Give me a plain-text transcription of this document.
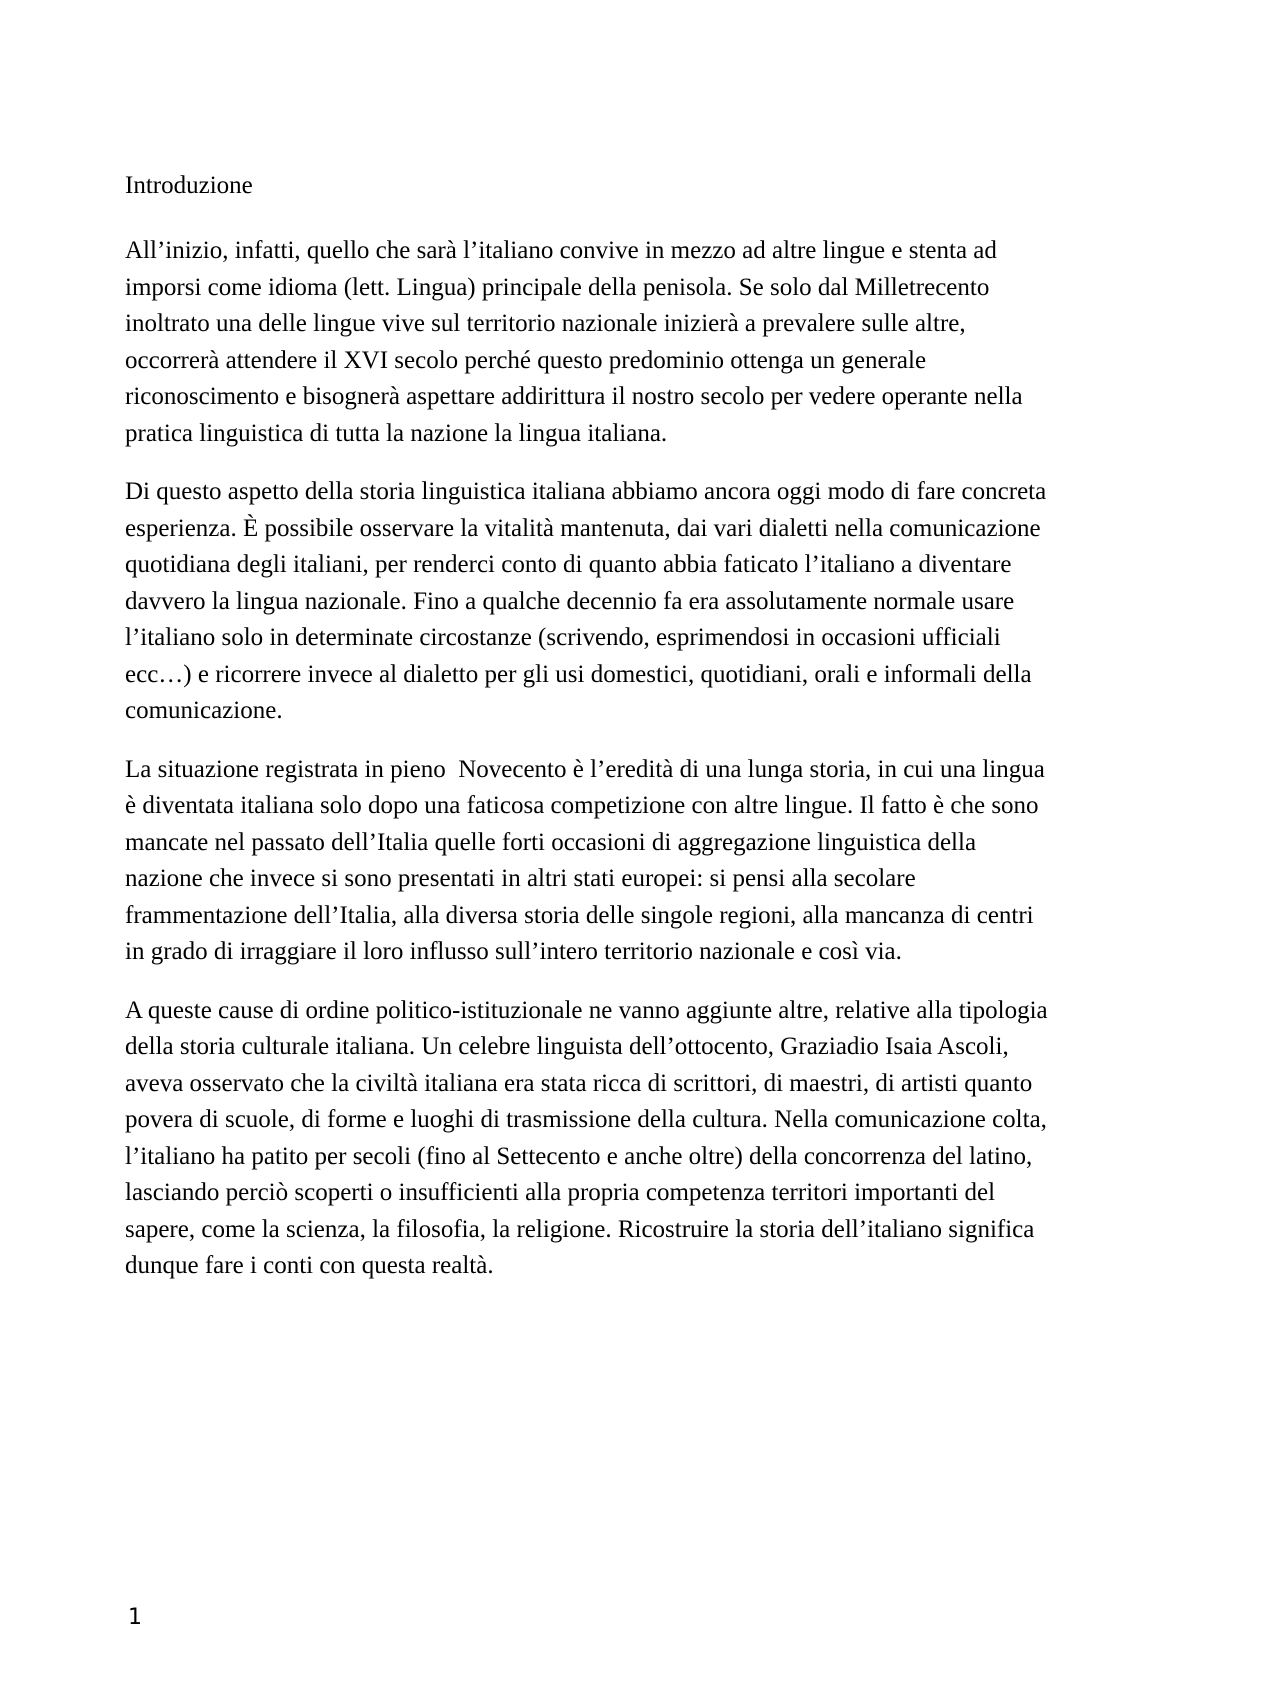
Introduzione

All’inizio, infatti, quello che sarà l’italiano convive in mezzo ad altre lingue e stenta ad
imporsi come idioma (lett. Lingua) principale della penisola. Se solo dal Milletrecento
inoltrato una delle lingue vive sul territorio nazionale inizierà a prevalere sulle altre,
occorrerà attendere il XVI secolo perché questo predominio ottenga un generale
riconoscimento e bisognerà aspettare addirittura il nostro secolo per vedere operante nella
pratica linguistica di tutta la nazione la lingua italiana.

Di questo aspetto della storia linguistica italiana abbiamo ancora oggi modo di fare concreta
esperienza. È possibile osservare la vitalità mantenuta, dai vari dialetti nella comunicazione
quotidiana degli italiani, per renderci conto di quanto abbia faticato l’italiano a diventare
davvero la lingua nazionale. Fino a qualche decennio fa era assolutamente normale usare
l’italiano solo in determinate circostanze (scrivendo, esprimendosi in occasioni ufficiali
ecc…) e ricorrere invece al dialetto per gli usi domestici, quotidiani, orali e informali della
comunicazione.

La situazione registrata in pieno  Novecento è l’eredità di una lunga storia, in cui una lingua
è diventata italiana solo dopo una faticosa competizione con altre lingue. Il fatto è che sono
mancate nel passato dell’Italia quelle forti occasioni di aggregazione linguistica della
nazione che invece si sono presentati in altri stati europei: si pensi alla secolare
frammentazione dell’Italia, alla diversa storia delle singole regioni, alla mancanza di centri
in grado di irraggiare il loro influsso sull’intero territorio nazionale e così via.

A queste cause di ordine politico-istituzionale ne vanno aggiunte altre, relative alla tipologia
della storia culturale italiana. Un celebre linguista dell’ottocento, Graziadio Isaia Ascoli,
aveva osservato che la civiltà italiana era stata ricca di scrittori, di maestri, di artisti quanto
povera di scuole, di forme e luoghi di trasmissione della cultura. Nella comunicazione colta,
l’italiano ha patito per secoli (fino al Settecento e anche oltre) della concorrenza del latino,
lasciando perciò scoperti o insufficienti alla propria competenza territori importanti del
sapere, come la scienza, la filosofia, la religione. Ricostruire la storia dell’italiano significa
dunque fare i conti con questa realtà.

1
